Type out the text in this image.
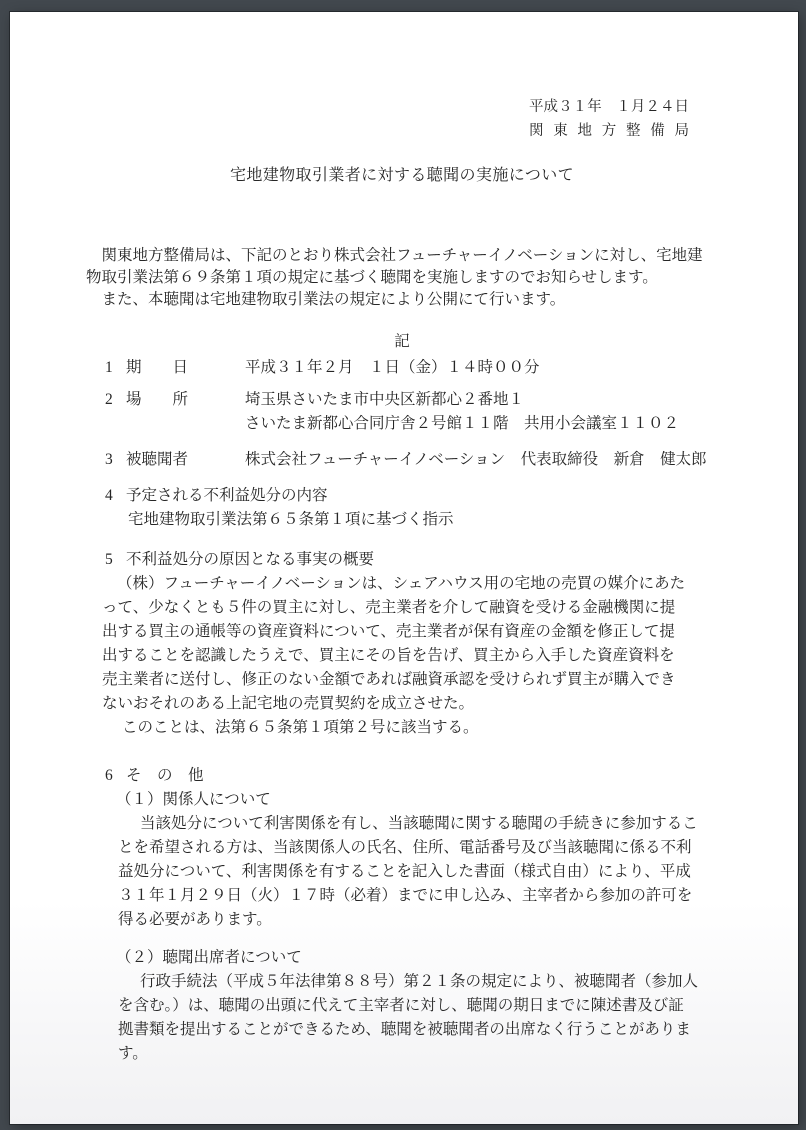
平成３１年　１月２４日
関東地方整備局
宅地建物取引業者に対する聴聞の実施について
　関東地方整備局は、下記のとおり株式会社フューチャーイノベーションに対し、宅地建
物取引業法第６９条第１項の規定に基づく聴聞を実施しますのでお知らせします。
　また、本聴聞は宅地建物取引業法の規定により公開にて行います。
記
1 期　　日	平成３１年２月　１日（金）１４時００分
2 場　　所	埼玉県さいたま市中央区新都心２番地１
さいたま新都心合同庁舎２号館１１階　共用小会議室１１０２
3 被聴聞者	株式会社フューチャーイノベーション　代表取締役　新倉　健太郎
4 予定される不利益処分の内容
宅地建物取引業法第６５条第１項に基づく指示
5 不利益処分の原因となる事実の概要
（株）フューチャーイノベーションは、シェアハウス用の宅地の売買の媒介にあた
って、少なくとも５件の買主に対し、売主業者を介して融資を受ける金融機関に提
出する買主の通帳等の資産資料について、売主業者が保有資産の金額を修正して提
出することを認識したうえで、買主にその旨を告げ、買主から入手した資産資料を
売主業者に送付し、修正のない金額であれば融資承認を受けられず買主が購入でき
ないおそれのある上記宅地の売買契約を成立させた。
このことは、法第６５条第１項第２号に該当する。
6 そ　の　他
（１）関係人について
当該処分について利害関係を有し、当該聴聞に関する聴聞の手続きに参加するこ
とを希望される方は、当該関係人の氏名、住所、電話番号及び当該聴聞に係る不利
益処分について、利害関係を有することを記入した書面（様式自由）により、平成
３１年１月２９日（火）１７時（必着）までに申し込み、主宰者から参加の許可を
得る必要があります。
（２）聴聞出席者について
行政手続法（平成５年法律第８８号）第２１条の規定により、被聴聞者（参加人
を含む。）は、聴聞の出頭に代えて主宰者に対し、聴聞の期日までに陳述書及び証
拠書類を提出することができるため、聴聞を被聴聞者の出席なく行うことがありま
す。
